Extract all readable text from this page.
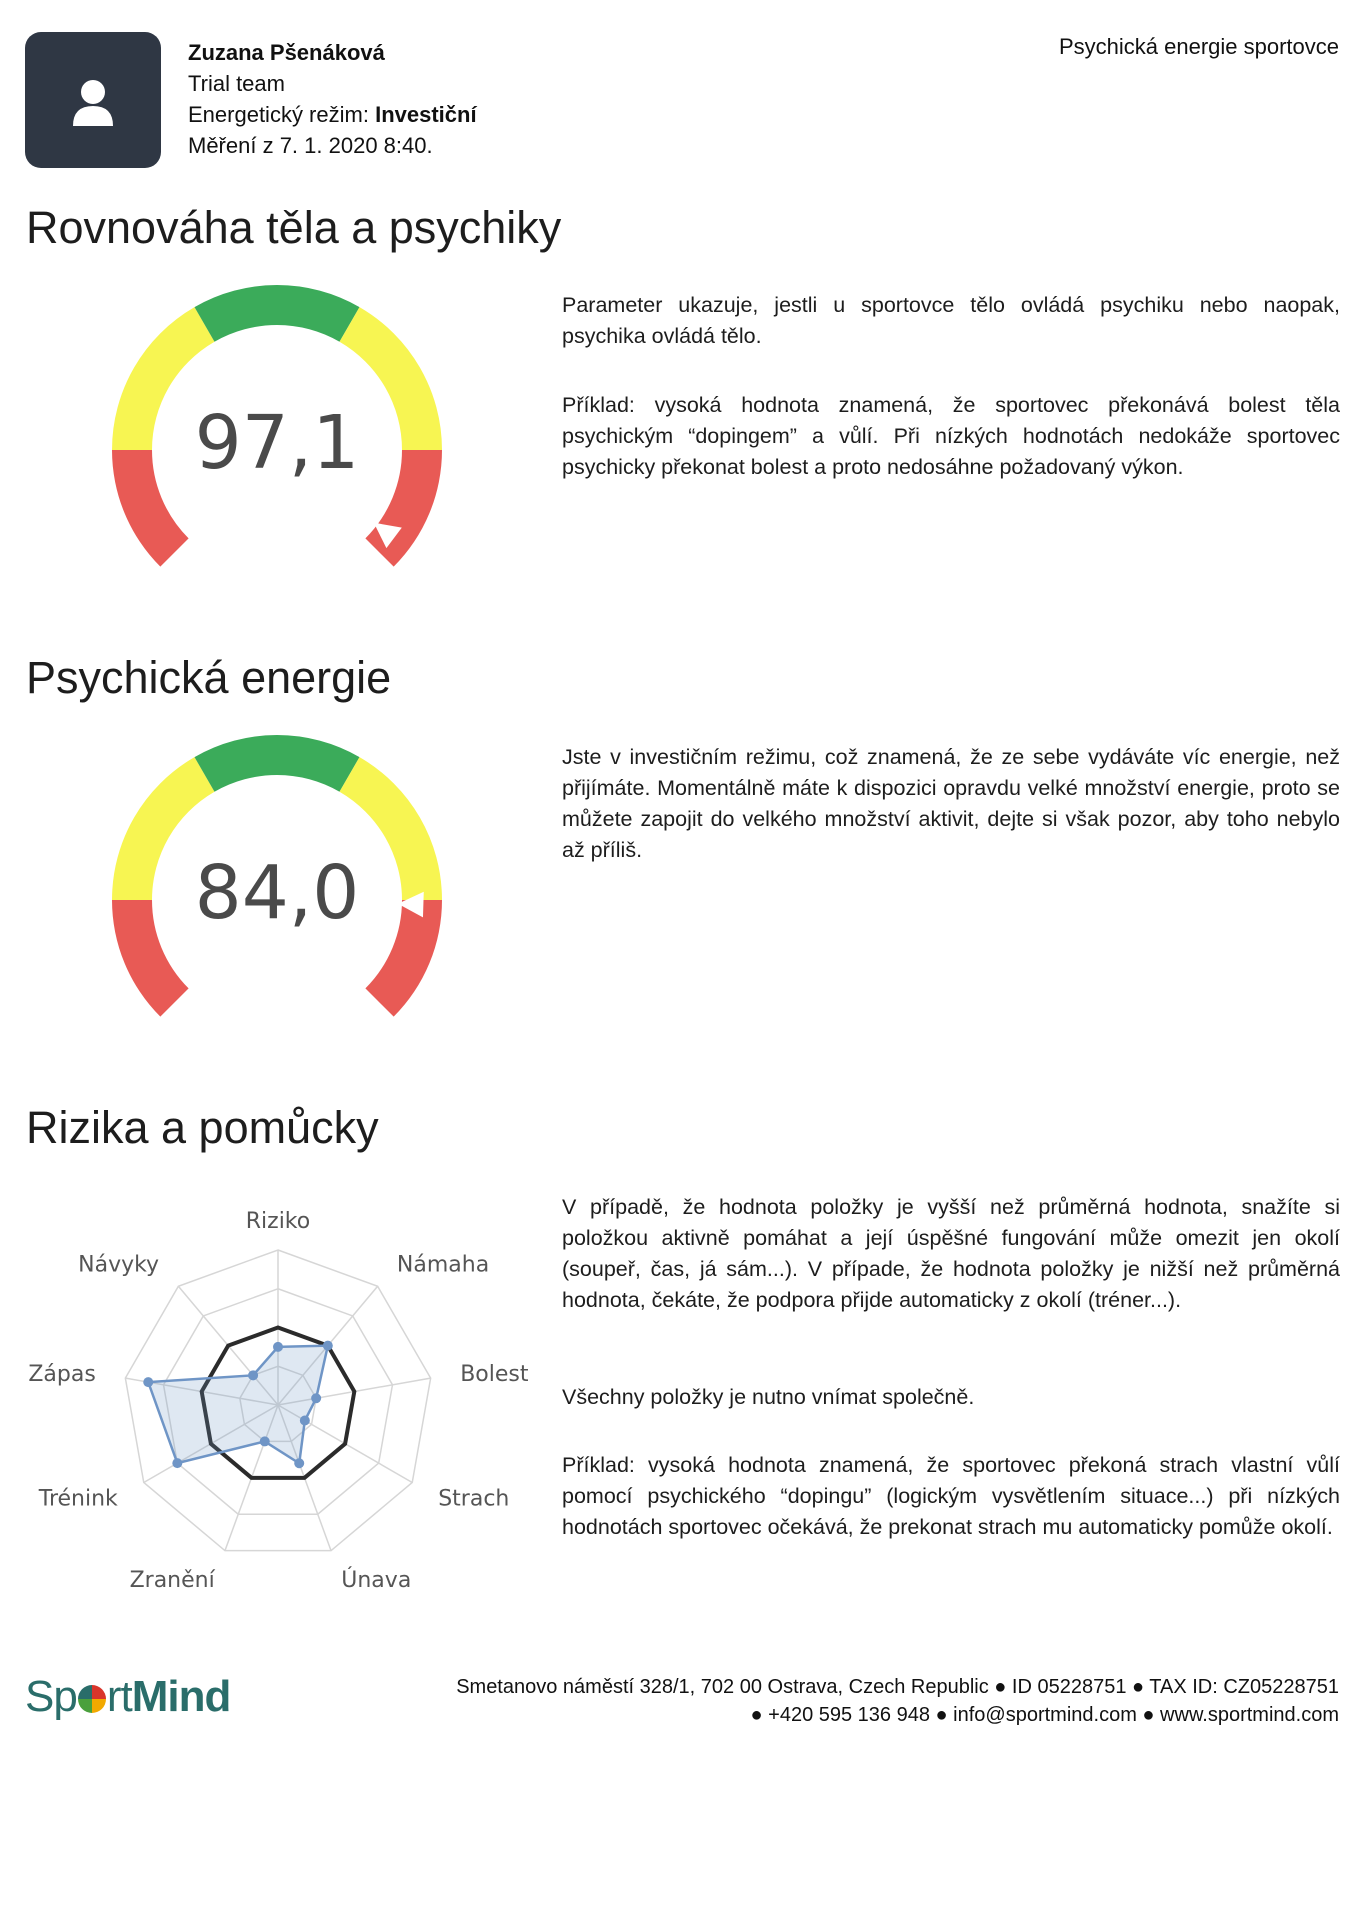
Zuzana Pšenáková
Trial team
Energetický režim: Investiční
Měření z 7. 1. 2020 8:40.
Psychická energie sportovce
Rovnováha těla a psychiky
97,1

Parameter ukazuje, jestli u sportovce tělo ovládá psychiku nebo naopak, psychika ovládá tělo.

Příklad: vysoká hodnota znamená, že sportovec překonává bolest těla psychickým “dopingem” a vůlí. Při nízkých hodnotách nedokáže sportovec psychicky překonat bolest a proto nedosáhne požadovaný výkon.

Psychická energie
84,0

Jste v investičním režimu, což znamená, že ze sebe vydáváte víc energie, než přijímáte. Momentálně máte k dispozici opravdu velké množství energie, proto se můžete zapojit do velkého množství aktivit, dejte si však pozor, aby toho nebylo až příliš.

Rizika a pomůcky
Riziko
Námaha
Bolest
Strach
Únava
Zranění
Trénink
Zápas
Návyky

V případě, že hodnota položky je vyšší než průměrná hodnota, snažíte si položkou aktivně pomáhat a její úspěšné fungování může omezit jen okolí (soupeř, čas, já sám...). V případe, že hodnota položky je nižší než průměrná hodnota, čekáte, že podpora přijde automaticky z okolí (tréner...).

Všechny položky je nutno vnímat společně.

Příklad: vysoká hodnota znamená, že sportovec překoná strach vlastní vůlí pomocí psychického “dopingu” (logickým vysvětlením situace...) při nízkých hodnotách sportovec očekává, že prekonat strach mu automaticky pomůže okolí.

Sp rtMind	Smetanovo náměstí 328/1, 702 00 Ostrava, Czech Republic ● ID 05228751 ● TAX ID: CZ05228751
● +420 595 136 948 ● info@sportmind.com ● www.sportmind.com
